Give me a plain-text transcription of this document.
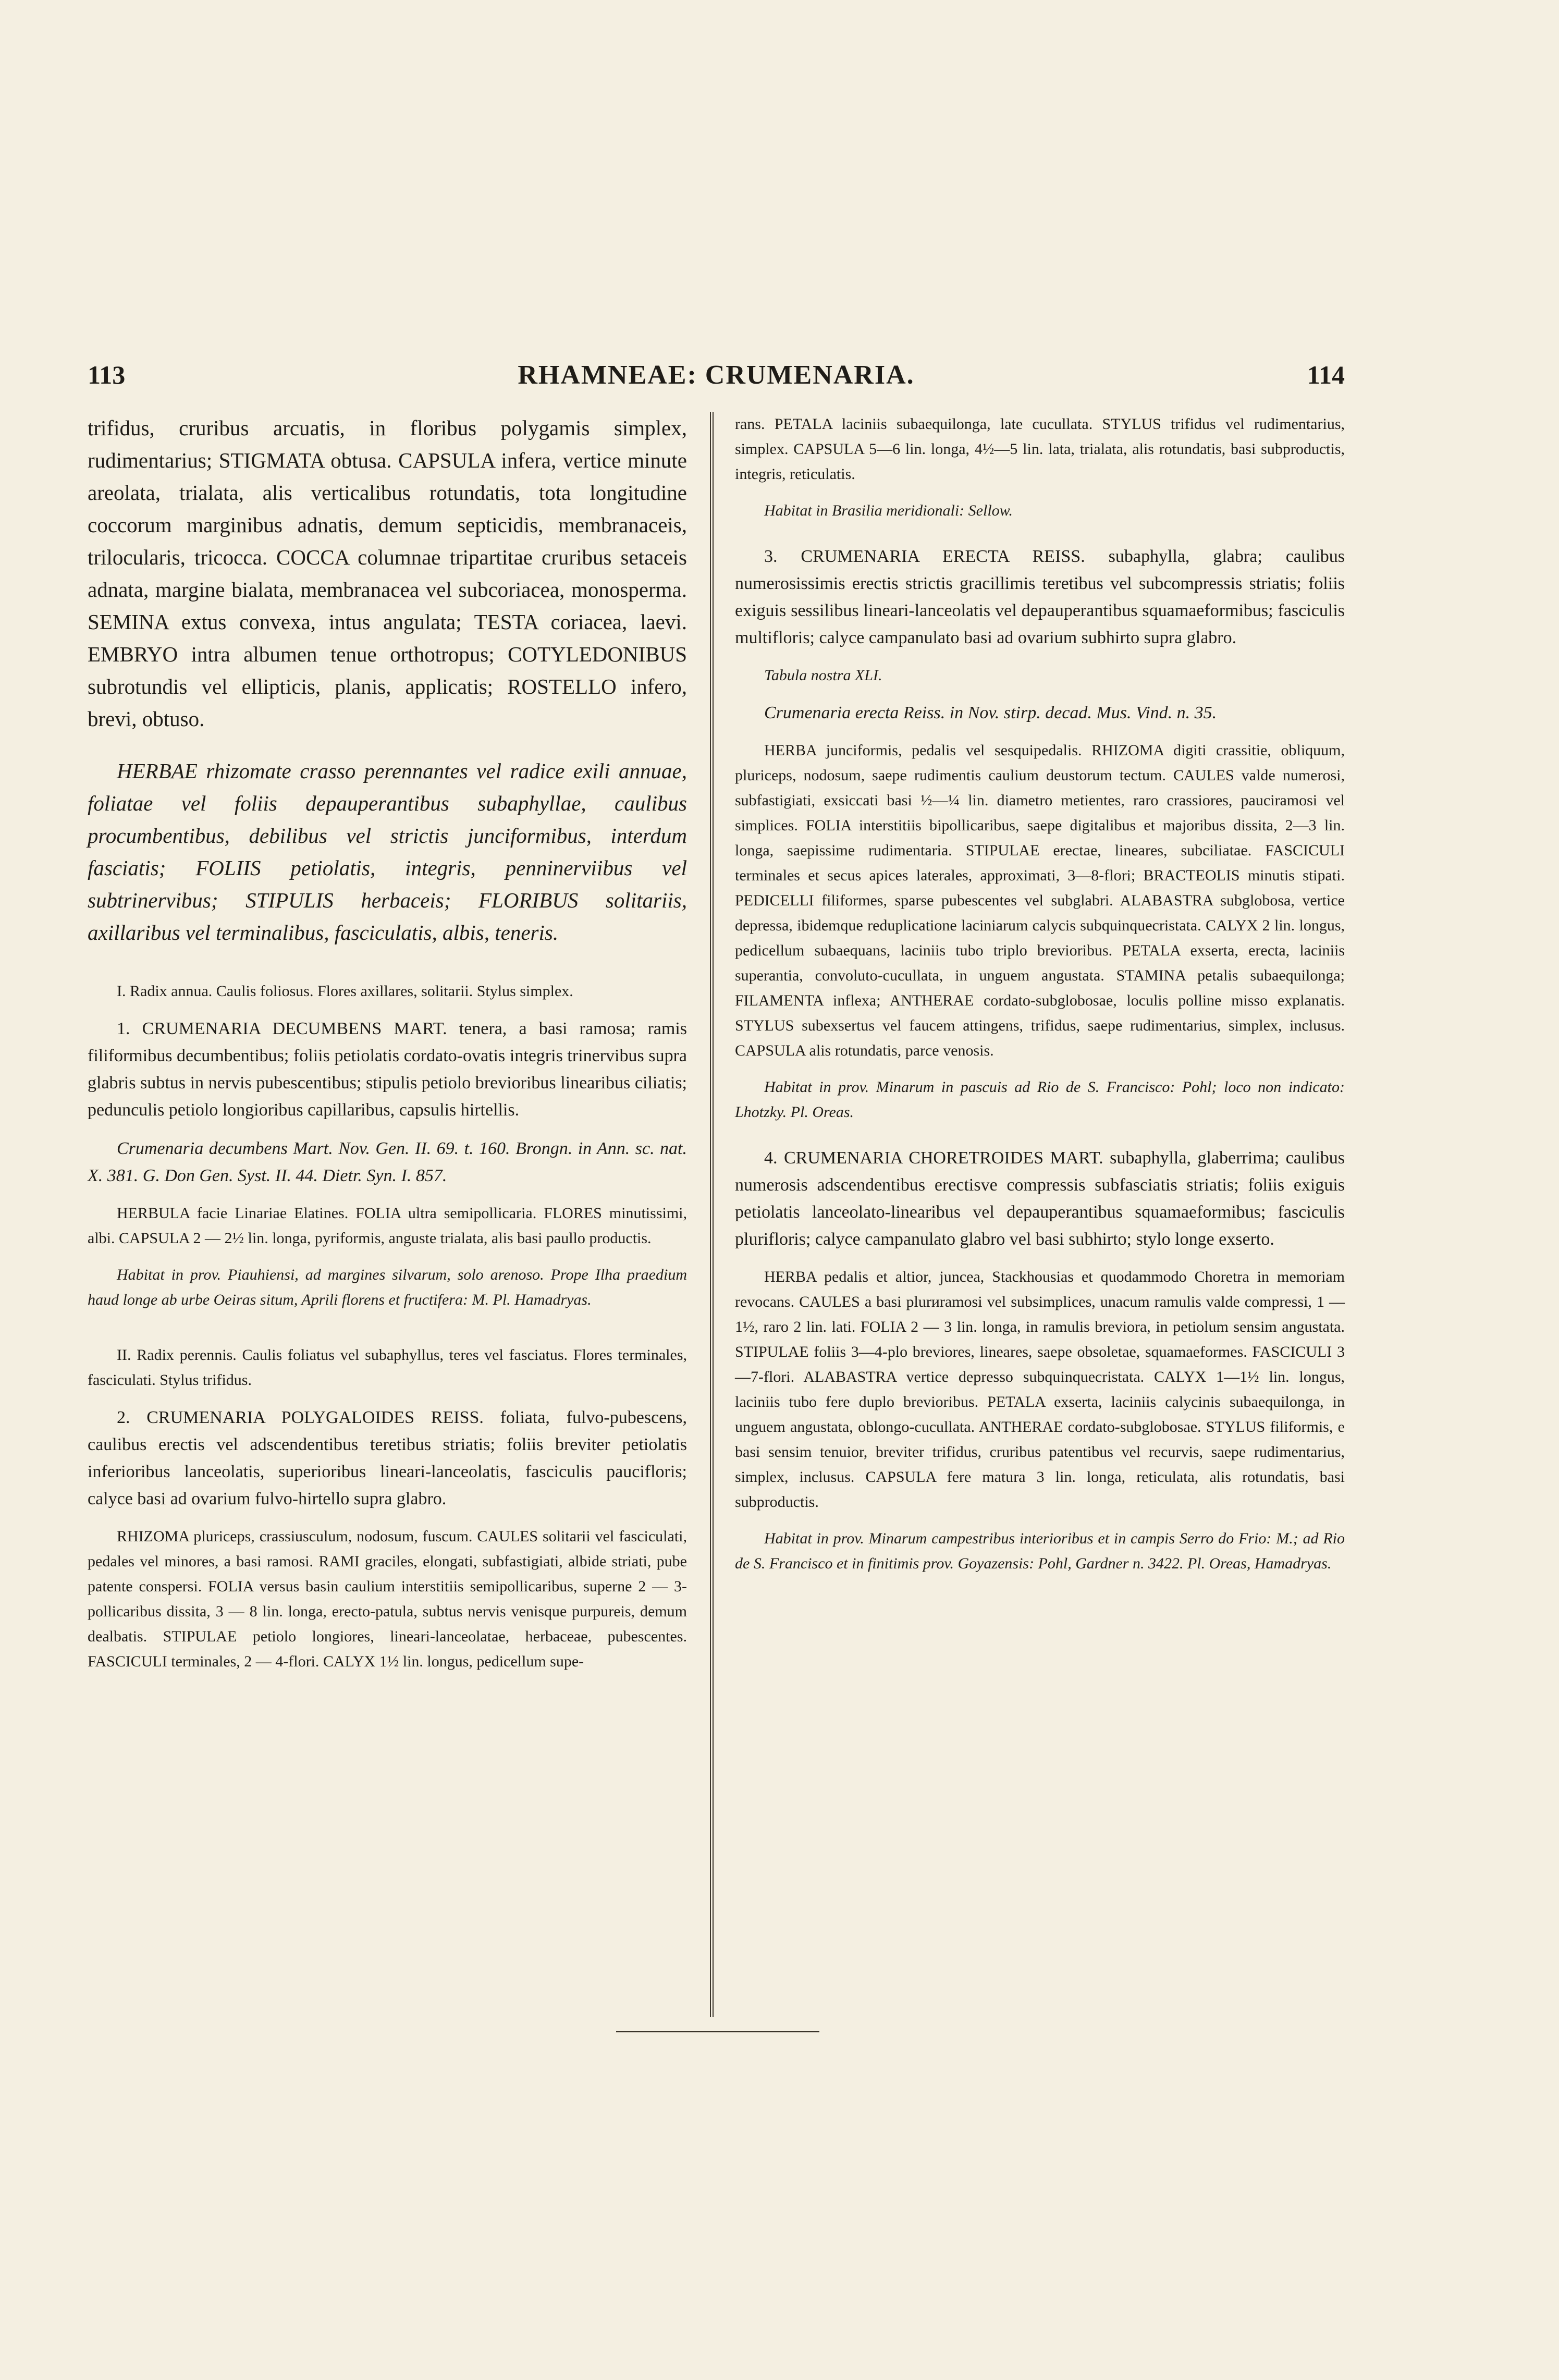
113	RHAMNEAE: CRUMENARIA.	114

trifidus, cruribus arcuatis, in floribus polygamis simplex, rudimentarius; STIGMATA obtusa. CAPSULA infera, vertice minute areolata, trialata, alis verticalibus rotundatis, tota longitudine coccorum marginibus adnatis, demum septicidis, membranaceis, trilocularis, tricocca. COCCA columnae tripartitae cruribus setaceis adnata, margine bialata, membranacea vel subcoriacea, monosperma. SEMINA extus convexa, intus angulata; TESTA coriacea, laevi. EMBRYO intra albumen tenue orthotropus; COTYLEDONIBUS subrotundis vel ellipticis, planis, applicatis; ROSTELLO infero, brevi, obtuso.

HERBAE rhizomate crasso perennantes vel radice exili annuae, foliatae vel foliis depauperantibus subaphyllae, caulibus procumbentibus, debilibus vel strictis junciformibus, interdum fasciatis; FOLIIS petiolatis, integris, penninerviibus vel subtrinervibus; STIPULIS herbaceis; FLORIBUS solitariis, axillaribus vel terminalibus, fasciculatis, albis, teneris.

I. Radix annua. Caulis foliosus. Flores axillares, solitarii. Stylus simplex.

1. CRUMENARIA DECUMBENS MART. tenera, a basi ramosa; ramis filiformibus decumbentibus; foliis petiolatis cordato-ovatis integris trinervibus supra glabris subtus in nervis pubescentibus; stipulis petiolo brevioribus linearibus ciliatis; pedunculis petiolo longioribus capillaribus, capsulis hirtellis.

Crumenaria decumbens Mart. Nov. Gen. II. 69. t. 160. Brongn. in Ann. sc. nat. X. 381. G. Don Gen. Syst. II. 44. Dietr. Syn. I. 857.

HERBULA facie Linariae Elatines. FOLIA ultra semipollicaria. FLORES minutissimi, albi. CAPSULA 2 — 2½ lin. longa, pyriformis, anguste trialata, alis basi paullo productis.

Habitat in prov. Piauhiensi, ad margines silvarum, solo arenoso. Prope Ilha praedium haud longe ab urbe Oeiras situm, Aprili florens et fructifera: M. Pl. Hamadryas.

II. Radix perennis. Caulis foliatus vel subaphyllus, teres vel fasciatus. Flores terminales, fasciculati. Stylus trifidus.

2. CRUMENARIA POLYGALOIDES REISS. foliata, fulvo-pubescens, caulibus erectis vel adscendentibus teretibus striatis; foliis breviter petiolatis inferioribus lanceolatis, superioribus lineari-lanceolatis, fasciculis paucifloris; calyce basi ad ovarium fulvo-hirtello supra glabro.

RHIZOMA pluriceps, crassiusculum, nodosum, fuscum. CAULES solitarii vel fasciculati, pedales vel minores, a basi ramosi. RAMI graciles, elongati, subfastigiati, albide striati, pube patente conspersi. FOLIA versus basin caulium interstitiis semipollicaribus, superne 2 — 3-pollicaribus dissita, 3 — 8 lin. longa, erecto-patula, subtus nervis venisque purpureis, demum dealbatis. STIPULAE petiolo longiores, lineari-lanceolatae, herbaceae, pubescentes. FASCICULI terminales, 2 — 4-flori. CALYX 1½ lin. longus, pedicellum supe-

rans. PETALA laciniis subaequilonga, late cucullata. STYLUS trifidus vel rudimentarius, simplex. CAPSULA 5—6 lin. longa, 4½—5 lin. lata, trialata, alis rotundatis, basi subproductis, integris, reticulatis.

Habitat in Brasilia meridionali: Sellow.

3. CRUMENARIA ERECTA REISS. subaphylla, glabra; caulibus numerosissimis erectis strictis gracillimis teretibus vel subcompressis striatis; foliis exiguis sessilibus lineari-lanceolatis vel depauperantibus squamaeformibus; fasciculis multifloris; calyce campanulato basi ad ovarium subhirto supra glabro.

Tabula nostra XLI.

Crumenaria erecta Reiss. in Nov. stirp. decad. Mus. Vind. n. 35.

HERBA junciformis, pedalis vel sesquipedalis. RHIZOMA digiti crassitie, obliquum, pluriceps, nodosum, saepe rudimentis caulium deustorum tectum. CAULES valde numerosi, subfastigiati, exsiccati basi ½—¼ lin. diametro metientes, raro crassiores, pauciramosi vel simplices. FOLIA interstitiis bipollicaribus, saepe digitalibus et majoribus dissita, 2—3 lin. longa, saepissime rudimentaria. STIPULAE erectae, lineares, subciliatae. FASCICULI terminales et secus apices laterales, approximati, 3—8-flori; BRACTEOLIS minutis stipati. PEDICELLI filiformes, sparse pubescentes vel subglabri. ALABASTRA subglobosa, vertice depressa, ibidemque reduplicatione laciniarum calycis subquinquecristata. CALYX 2 lin. longus, pedicellum subaequans, laciniis tubo triplo brevioribus. PETALA exserta, erecta, laciniis superantia, convoluto-cucullata, in unguem angustata. STAMINA petalis subaequilonga; FILAMENTA inflexa; ANTHERAE cordato-subglobosae, loculis polline misso explanatis. STYLUS subexsertus vel faucem attingens, trifidus, saepe rudimentarius, simplex, inclusus. CAPSULA alis rotundatis, parce venosis.

Habitat in prov. Minarum in pascuis ad Rio de S. Francisco: Pohl; loco non indicato: Lhotzky. Pl. Oreas.

4. CRUMENARIA CHORETROIDES MART. subaphylla, glaberrima; caulibus numerosis adscendentibus erectisve compressis subfasciatis striatis; foliis exiguis petiolatis lanceolato-linearibus vel depauperantibus squamaeformibus; fasciculis plurifloris; calyce campanulato glabro vel basi subhirto; stylo longe exserto.

HERBA pedalis et altior, juncea, Stackhousias et quodammodo Choretra in memoriam revocans. CAULES a basi plurиramosi vel subsimplices, unacum ramulis valde compressi, 1 — 1½, raro 2 lin. lati. FOLIA 2 — 3 lin. longa, in ramulis breviora, in petiolum sensim angustata. STIPULAE foliis 3—4-plo breviores, lineares, saepe obsoletae, squamaeformes. FASCICULI 3—7-flori. ALABASTRA vertice depresso subquinquecristata. CALYX 1—1½ lin. longus, laciniis tubo fere duplo brevioribus. PETALA exserta, laciniis calycinis subaequilonga, in unguem angustata, oblongo-cucullata. ANTHERAE cordato-subglobosae. STYLUS filiformis, e basi sensim tenuior, breviter trifidus, cruribus patentibus vel recurvis, saepe rudimentarius, simplex, inclusus. CAPSULA fere matura 3 lin. longa, reticulata, alis rotundatis, basi subproductis.

Habitat in prov. Minarum campestribus interioribus et in campis Serro do Frio: M.; ad Rio de S. Francisco et in finitimis prov. Goyazensis: Pohl, Gardner n. 3422. Pl. Oreas, Hamadryas.
